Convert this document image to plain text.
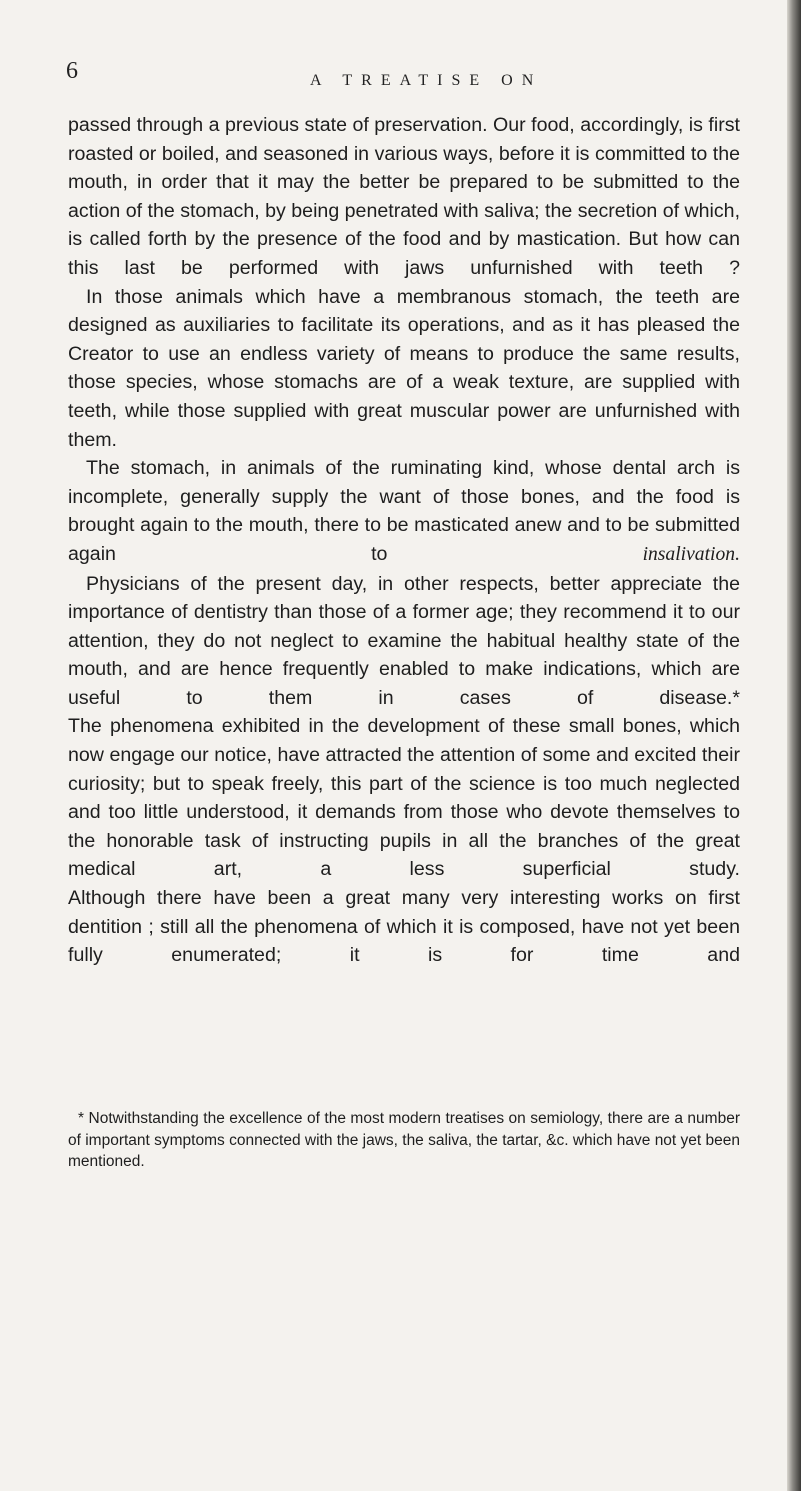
6	A TREATISE ON

passed through a previous state of preservation. Our food, accordingly, is first roasted or boiled, and seasoned in various ways, before it is committed to the mouth, in order that it may the better be prepared to be submitted to the action of the stomach, by being penetrated with saliva; the secretion of which, is called forth by the presence of the food and by mastication. But how can this last be performed with jaws unfurnished with teeth ?

In those animals which have a membranous stomach, the teeth are designed as auxiliaries to facilitate its operations, and as it has pleased the Creator to use an endless variety of means to produce the same results, those species, whose stomachs are of a weak texture, are supplied with teeth, while those supplied with great muscular power are unfurnished with them.

The stomach, in animals of the ruminating kind, whose dental arch is incomplete, generally supply the want of those bones, and the food is brought again to the mouth, there to be masticated anew and to be submitted again to	insalivation.

Physicians of the present day, in other respects, better appreciate the importance of dentistry than those of a former age; they recommend it to our attention, they do not neglect to examine the habitual healthy state of the mouth, and are hence frequently enabled to make indications, which are useful to them in cases of disease.*

The phenomena exhibited in the development of these small bones, which now engage our notice, have attracted the attention of some and excited their curiosity; but to speak freely, this part of the science is too much neglected and too little understood, it demands from those who devote themselves to the honorable task of instructing pupils in all the branches of the great medical art, a less superficial study.

Although there have been a great many very interesting works on first dentition ; still all the phenomena of which it is composed, have not yet been fully enumerated; it is for time and

* Notwithstanding the excellence of the most modern treatises on semiology, there are a number of important symptoms connected with the jaws, the saliva, the tartar, &c. which have not yet been mentioned.
